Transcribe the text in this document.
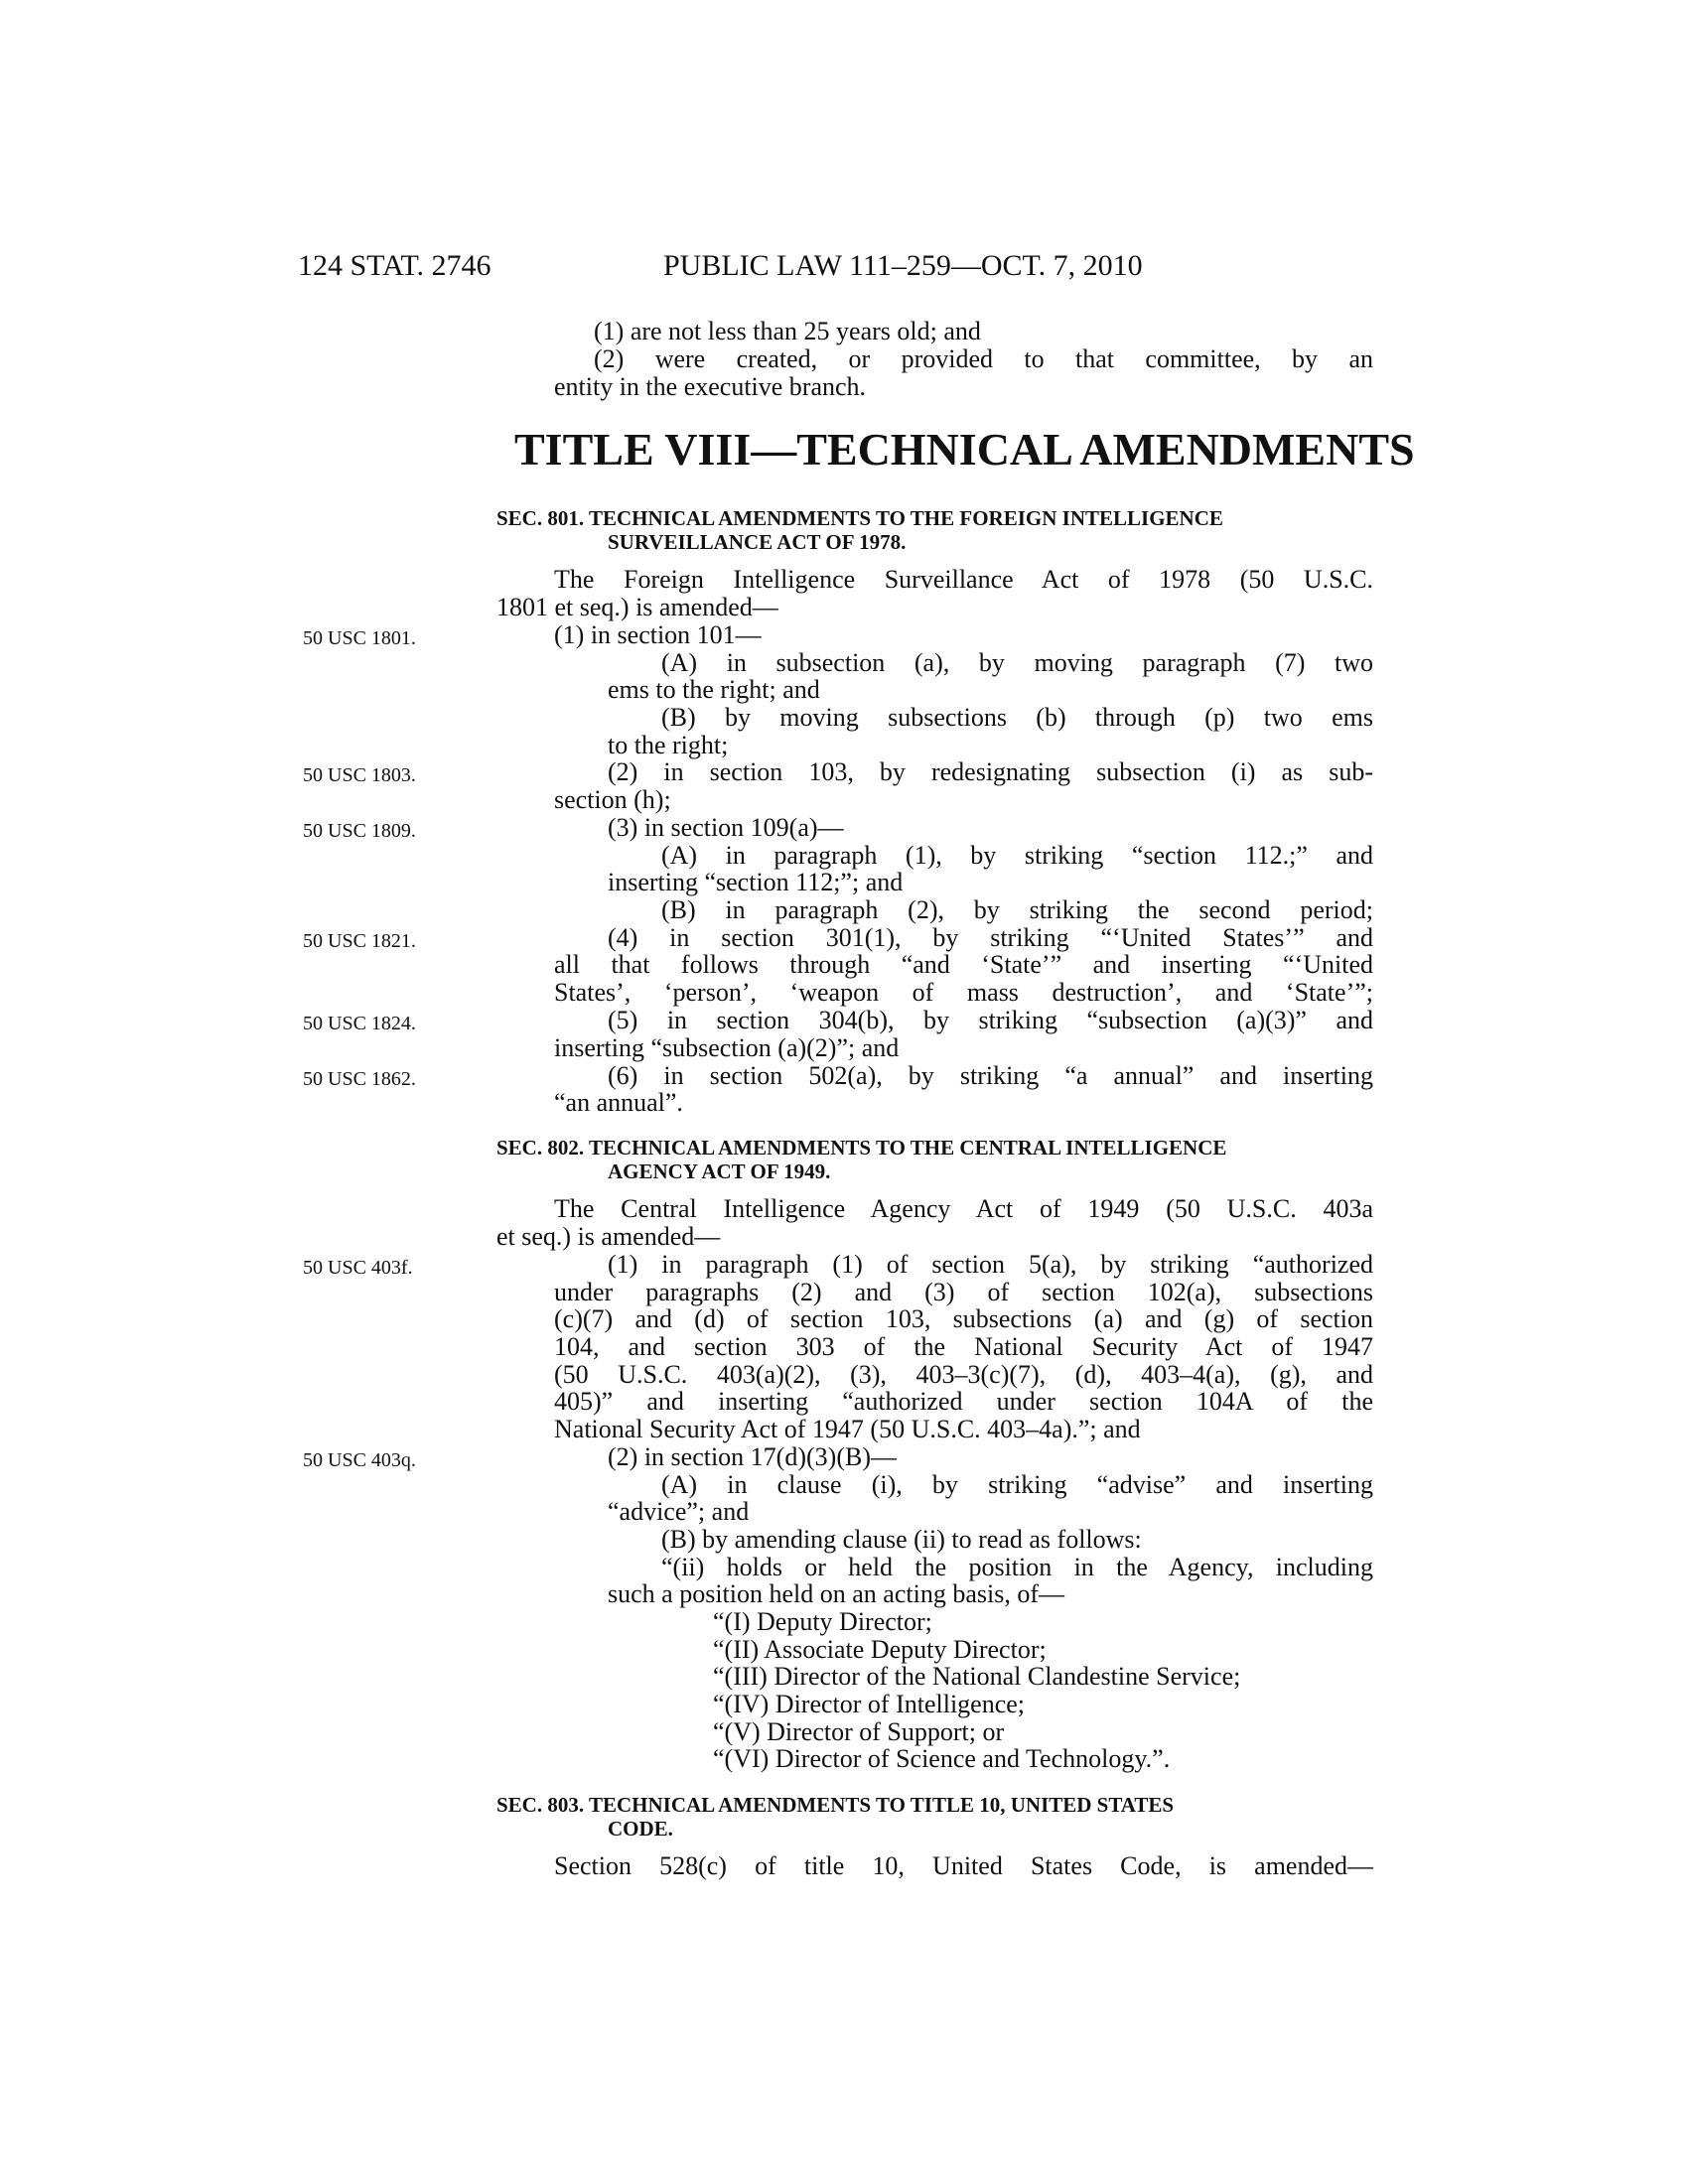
124 STAT. 2746	PUBLIC LAW 111–259—OCT. 7, 2010
(1) are not less than 25 years old; and
(2) were created, or provided to that committee, by an
entity in the executive branch.
TITLE VIII—TECHNICAL AMENDMENTS
SEC. 801. TECHNICAL AMENDMENTS TO THE FOREIGN INTELLIGENCE
SURVEILLANCE ACT OF 1978.
The Foreign Intelligence Surveillance Act of 1978 (50 U.S.C.
1801 et seq.) is amended—
50 USC 1801.	(1) in section 101—
(A) in subsection (a), by moving paragraph (7) two
ems to the right; and
(B) by moving subsections (b) through (p) two ems
to the right;
50 USC 1803.	(2) in section 103, by redesignating subsection (i) as sub-
section (h);
50 USC 1809.	(3) in section 109(a)—
(A) in paragraph (1), by striking “section 112.;” and
inserting “section 112;”; and
(B) in paragraph (2), by striking the second period;
50 USC 1821.	(4) in section 301(1), by striking “‘United States’” and
all that follows through “and ‘State’” and inserting “‘United
States’, ‘person’, ‘weapon of mass destruction’, and ‘State’”;
50 USC 1824.	(5) in section 304(b), by striking “subsection (a)(3)” and
inserting “subsection (a)(2)”; and
50 USC 1862.	(6) in section 502(a), by striking “a annual” and inserting
“an annual”.
SEC. 802. TECHNICAL AMENDMENTS TO THE CENTRAL INTELLIGENCE
AGENCY ACT OF 1949.
The Central Intelligence Agency Act of 1949 (50 U.S.C. 403a
et seq.) is amended—
50 USC 403f.	(1) in paragraph (1) of section 5(a), by striking “authorized
under paragraphs (2) and (3) of section 102(a), subsections
(c)(7) and (d) of section 103, subsections (a) and (g) of section
104, and section 303 of the National Security Act of 1947
(50 U.S.C. 403(a)(2), (3), 403–3(c)(7), (d), 403–4(a), (g), and
405)” and inserting “authorized under section 104A of the
National Security Act of 1947 (50 U.S.C. 403–4a).”; and
50 USC 403q.	(2) in section 17(d)(3)(B)—
(A) in clause (i), by striking “advise” and inserting
“advice”; and
(B) by amending clause (ii) to read as follows:
“(ii) holds or held the position in the Agency, including
such a position held on an acting basis, of—
“(I) Deputy Director;
“(II) Associate Deputy Director;
“(III) Director of the National Clandestine Service;
“(IV) Director of Intelligence;
“(V) Director of Support; or
“(VI) Director of Science and Technology.”.
SEC. 803. TECHNICAL AMENDMENTS TO TITLE 10, UNITED STATES
CODE.
Section 528(c) of title 10, United States Code, is amended—
